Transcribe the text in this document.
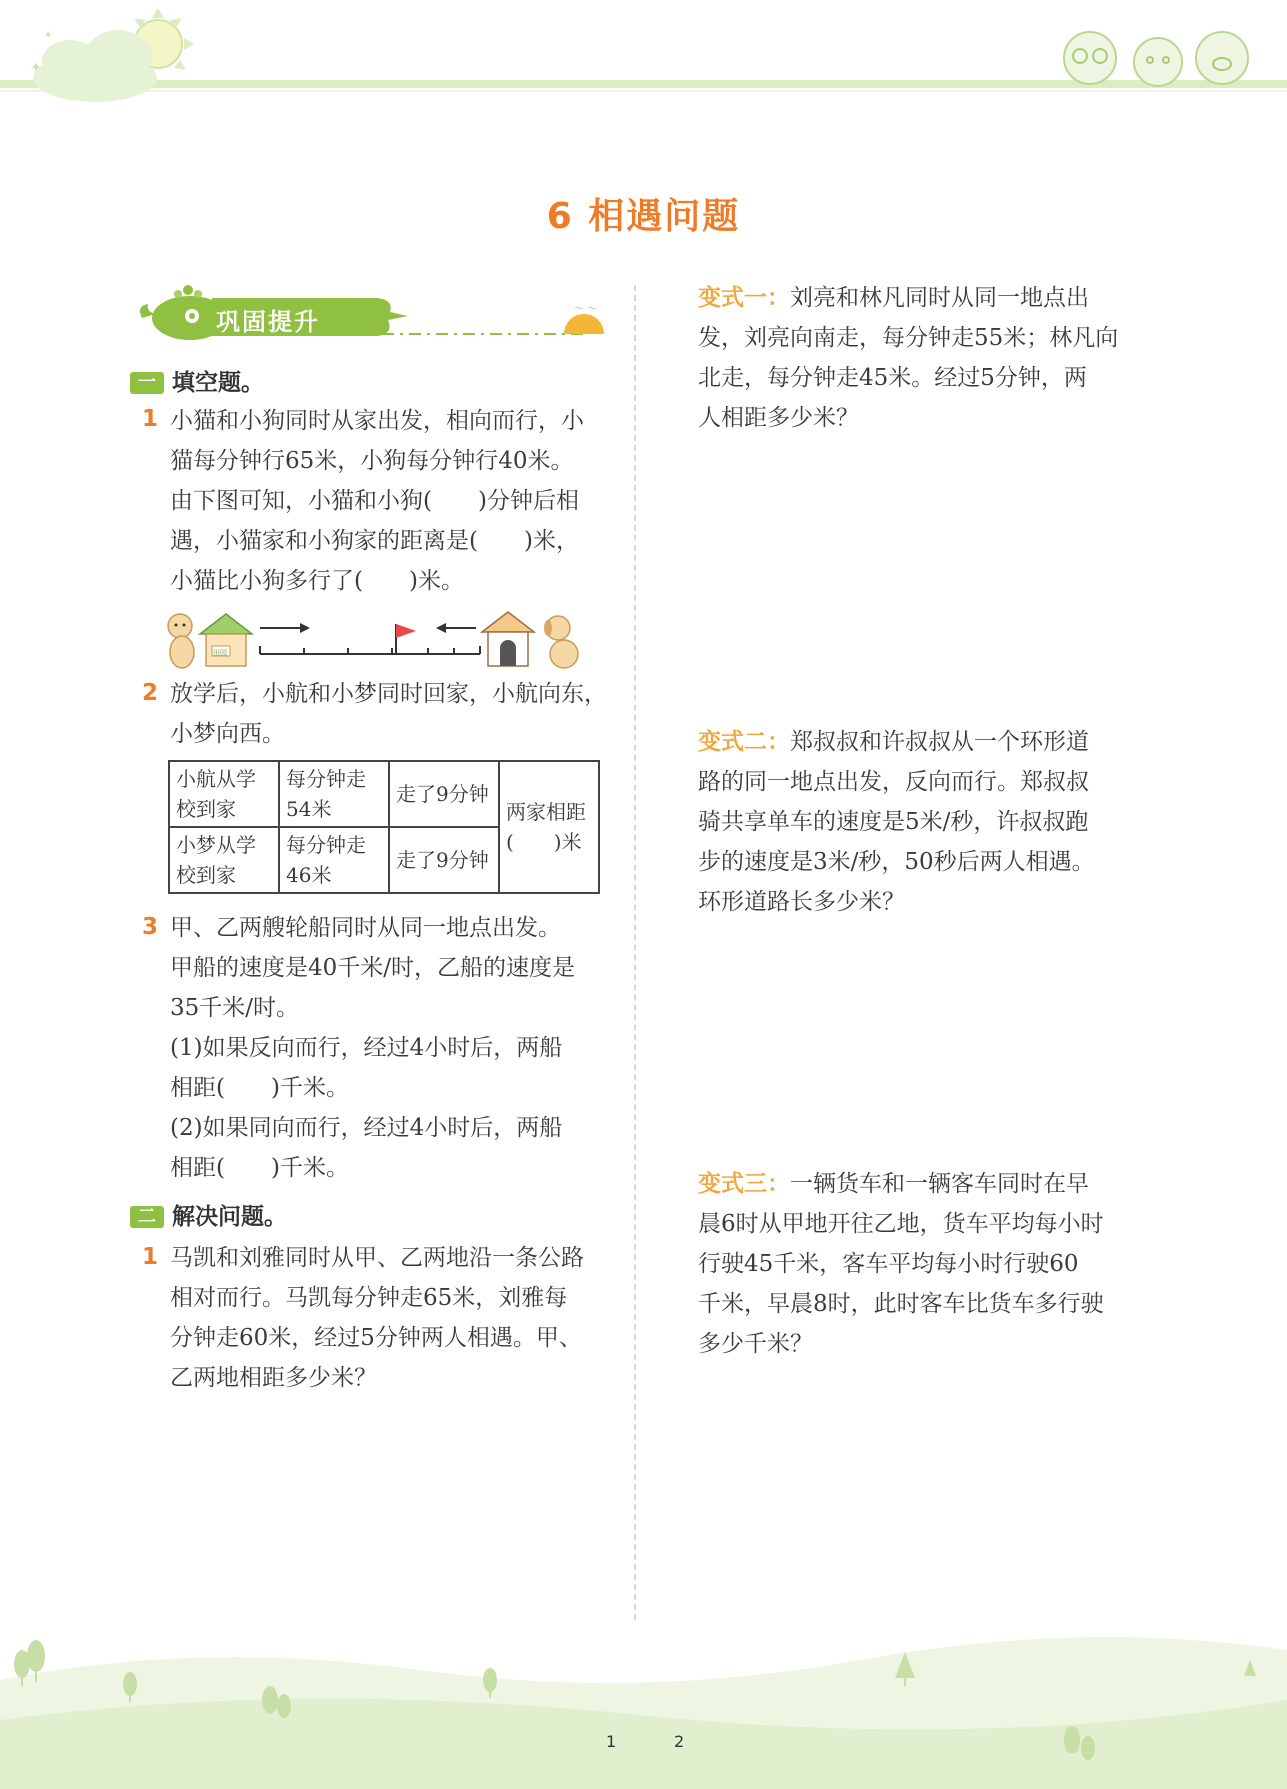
✦
✦
6 相遇问题
〜 〜
巩固提升
一 填空题。
1 小猫和小狗同时从家出发，相向而行，小
猫每分钟行65米，小狗每分钟行40米。
由下图可知，小猫和小狗(　　)分钟后相
遇，小猫家和小狗家的距离是(　　)米，
小猫比小狗多行了(　　)米。
田园
2 放学后，小航和小梦同时回家，小航向东，
小梦向西。
小航从学校到家	每分钟走54米	走了9分钟	两家相距(　　)米
小梦从学校到家	每分钟走46米	走了9分钟	
3 甲、乙两艘轮船同时从同一地点出发。
甲船的速度是40千米/时，乙船的速度是
35千米/时。
(1)如果反向而行，经过4小时后，两船
相距(　　)千米。
(2)如果同向而行，经过4小时后，两船
相距(　　)千米。
二 解决问题。
1 马凯和刘雅同时从甲、乙两地沿一条公路
相对而行。马凯每分钟走65米，刘雅每
分钟走60米，经过5分钟两人相遇。甲、
乙两地相距多少米？
变式一：刘亮和林凡同时从同一地点出
发，刘亮向南走，每分钟走55米；林凡向
北走，每分钟走45米。经过5分钟，两
人相距多少米？
变式二：郑叔叔和许叔叔从一个环形道
路的同一地点出发，反向而行。郑叔叔
骑共享单车的速度是5米/秒，许叔叔跑
步的速度是3米/秒，50秒后两人相遇。
环形道路长多少米？
变式三：一辆货车和一辆客车同时在早
晨6时从甲地开往乙地，货车平均每小时
行驶45千米，客车平均每小时行驶60
千米，早晨8时，此时客车比货车多行驶
多少千米？
1	2
